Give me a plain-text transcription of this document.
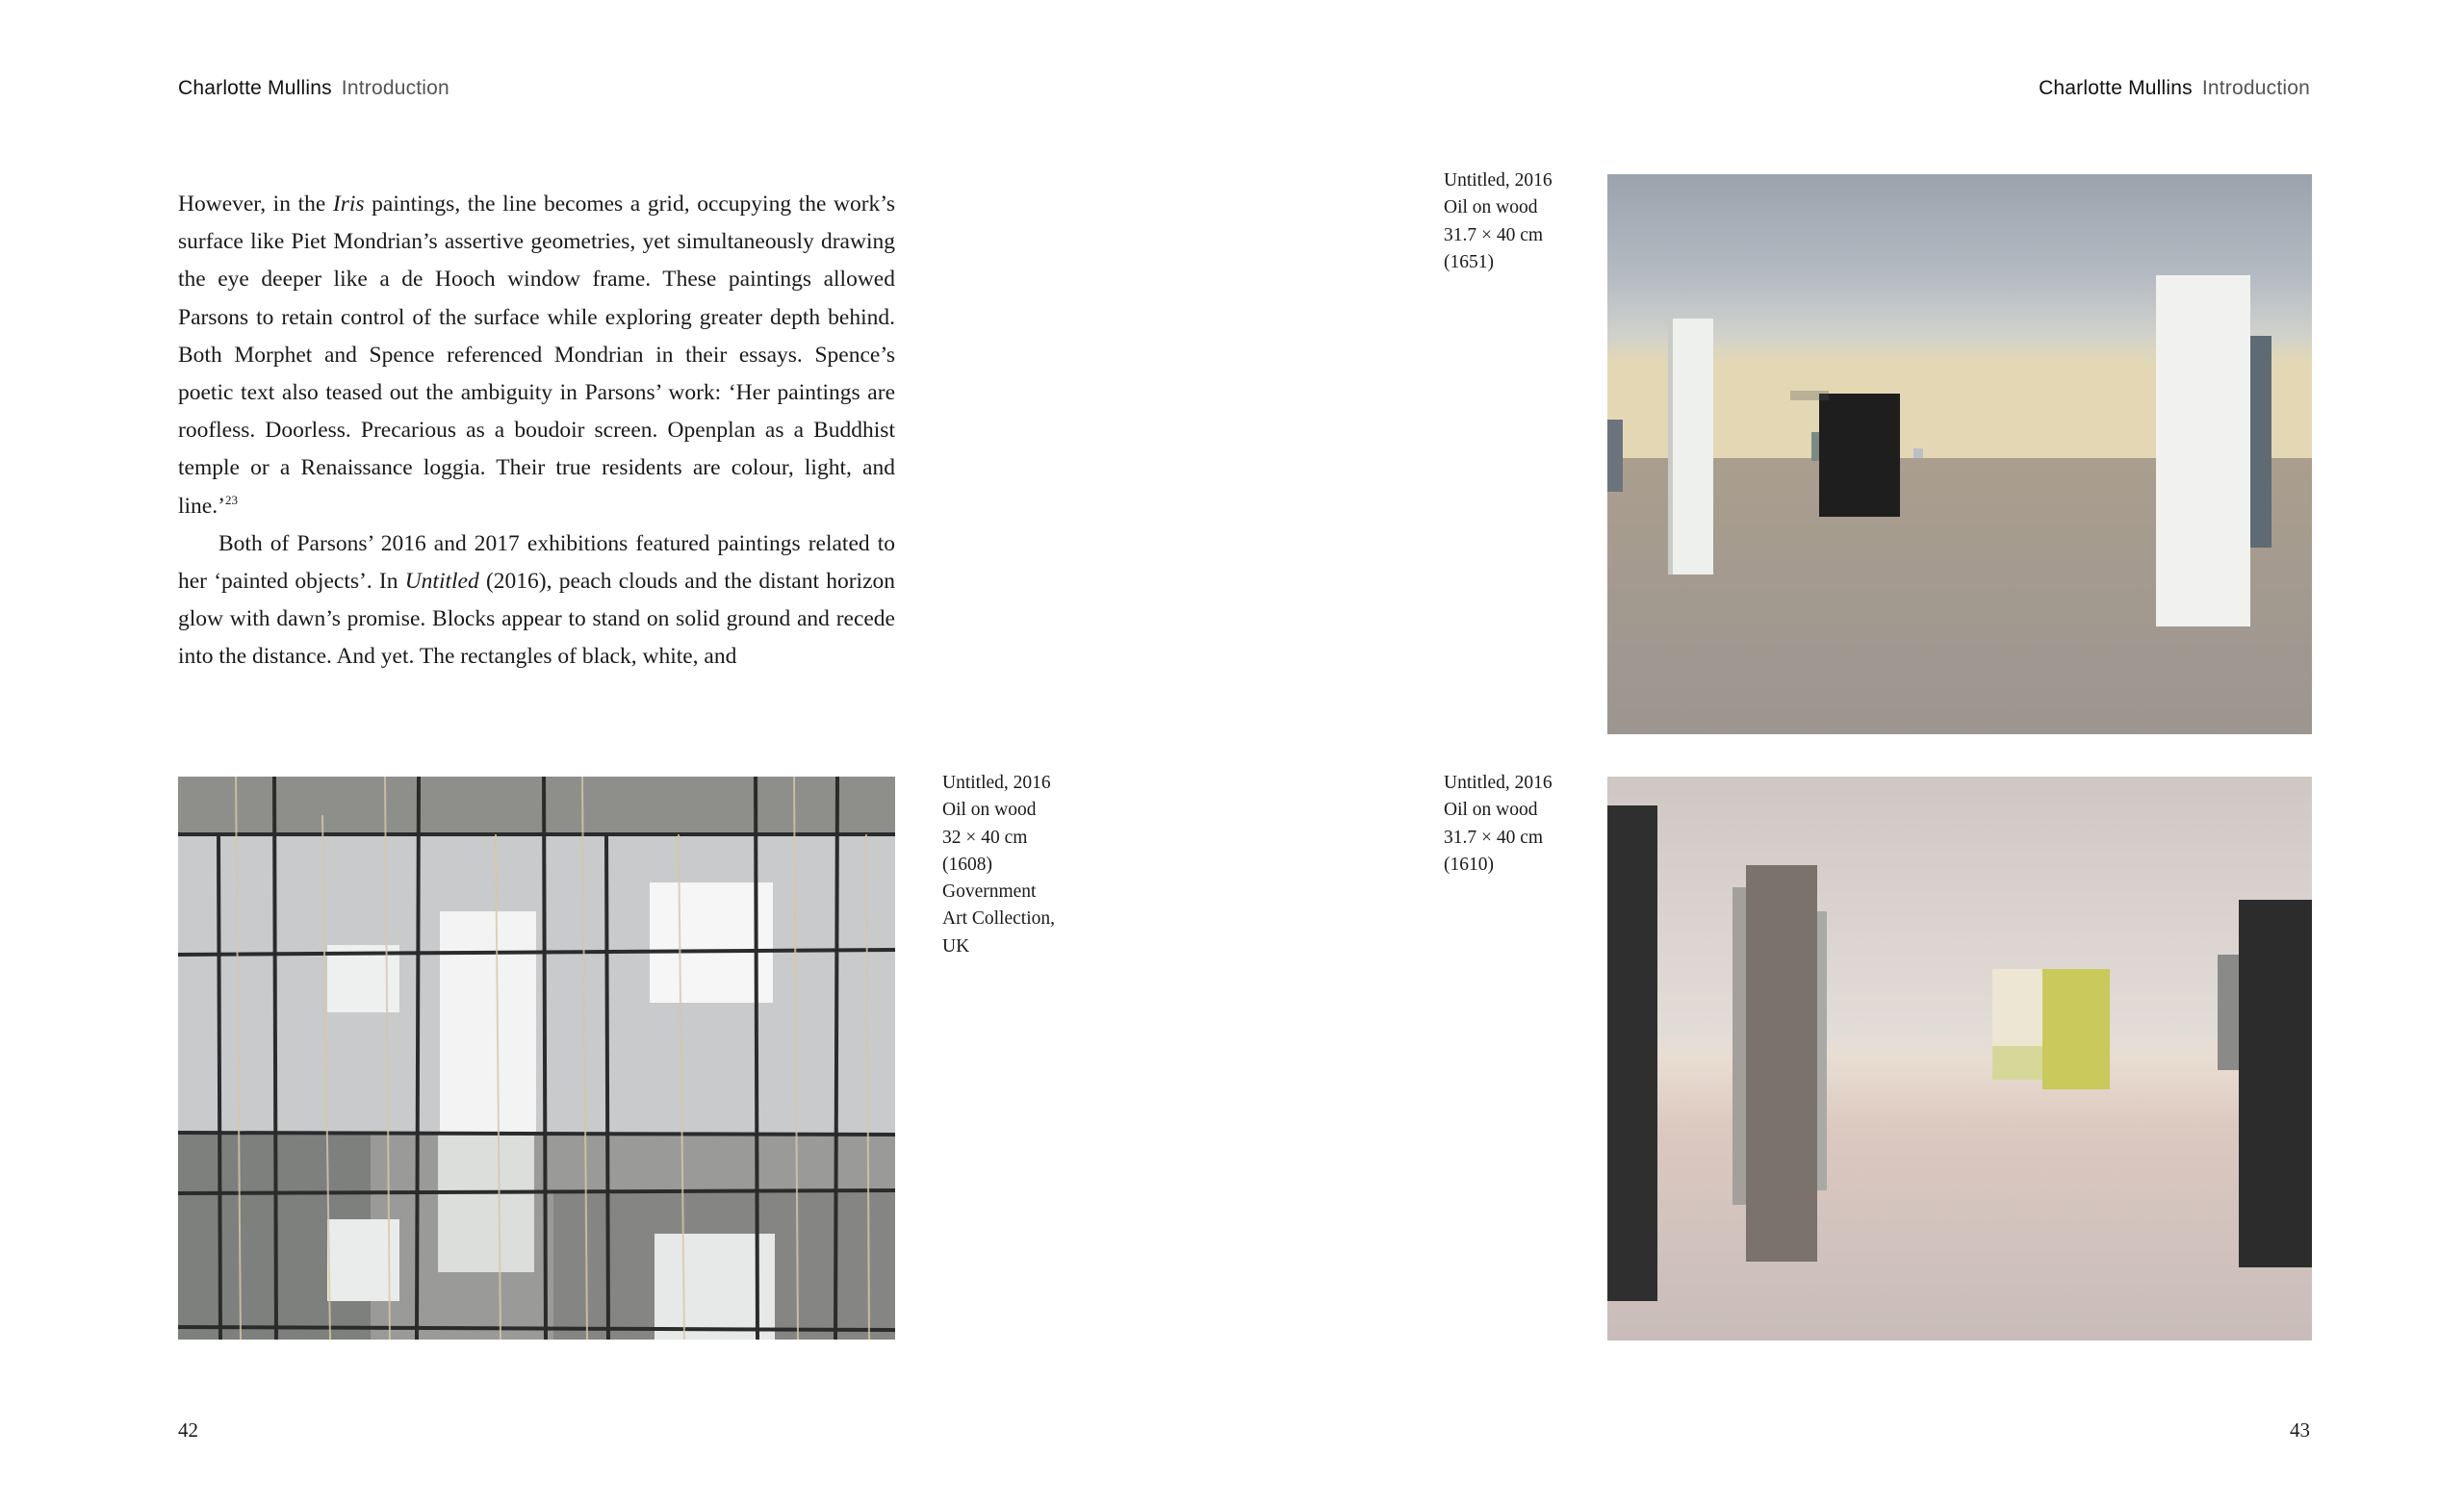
Charlotte Mullins Introduction	Charlotte Mullins Introduction

However, in the Iris paintings, the line becomes a grid, occupying the work’s surface like Piet Mondrian’s assertive geometries, yet simultaneously drawing the eye deeper like a de Hooch window frame. These paintings allowed Parsons to retain control of the surface while exploring greater depth behind. Both Morphet and Spence referenced Mondrian in their essays. Spence’s poetic text also teased out the ambiguity in Parsons’ work: ‘Her paintings are roofless. Doorless. Precarious as a boudoir screen. Openplan as a Buddhist temple or a Renaissance loggia. Their true residents are colour, light, and line.’$^{23}$

Both of Parsons’ 2016 and 2017 exhibitions featured paintings related to her ‘painted objects’. In Untitled (2016), peach clouds and the distant horizon glow with dawn’s promise. Blocks appear to stand on solid ground and recede into the distance. And yet. The rectangles of black, white, and

Untitled, 2016
Oil on wood
31.7 × 40 cm
(1651)
Untitled, 2016
Oil on wood
32 × 40 cm
(1608)
Government
Art Collection,
UK
Untitled, 2016
Oil on wood
31.7 × 40 cm
(1610)
42	43
